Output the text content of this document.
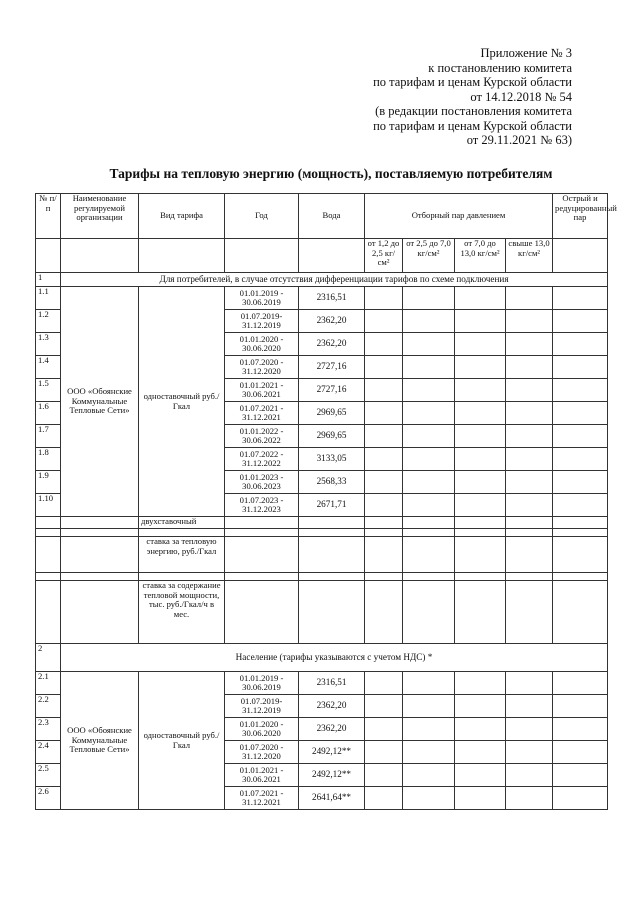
Приложение № 3
к постановлению комитета
по тарифам и ценам Курской области
от 14.12.2018 № 54
(в редакции постановления комитета
по тарифам и ценам Курской области
от 29.11.2021 № 63)
Тарифы на тепловую энергию (мощность), поставляемую потребителям
№ п/п	Наименование регулируемой организации	Вид тарифа	Год	Вода	Отборный пар давлением				Острый и редуцированный пар
					от 1,2 до 2,5 кг/см²	от 2,5 до 7,0 кг/см²	от 7,0 до 13,0 кг/см²	свыше 13,0 кг/см²	
1	Для потребителей, в случае отсутствия дифференциации тарифов по схеме подключения								
1.1	ООО «Обоянские Коммунальные Тепловые Сети»	одноставочный руб./Гкал	01.01.2019 - 30.06.2019	2316,51					
1.2			01.07.2019- 31.12.2019	2362,20					
1.3			01.01.2020 - 30.06.2020	2362,20					
1.4			01.07.2020 - 31.12.2020	2727,16					
1.5			01.01.2021 - 30.06.2021	2727,16					
1.6			01.07.2021 - 31.12.2021	2969,65					
1.7			01.01.2022 - 30.06.2022	2969,65					
1.8			01.07.2022 - 31.12.2022	3133,05					
1.9			01.01.2023 - 30.06.2023	2568,33					
1.10			01.07.2023 - 31.12.2023	2671,71					
		двухставочный							

		ставка за тепловую энергию, руб./Гкал							

		ставка за содержание тепловой мощности, тыс. руб./Гкал/ч в мес.							
2	Население (тарифы указываются с учетом НДС) *								
2.1	ООО «Обоянские Коммунальные Тепловые Сети»	одноставочный руб./Гкал	01.01.2019 - 30.06.2019	2316,51					
2.2			01.07.2019- 31.12.2019	2362,20					
2.3			01.01.2020 - 30.06.2020	2362,20					
2.4			01.07.2020 - 31.12.2020	2492,12**					
2.5			01.01.2021 - 30.06.2021	2492,12**					
2.6			01.07.2021 - 31.12.2021	2641,64**					
